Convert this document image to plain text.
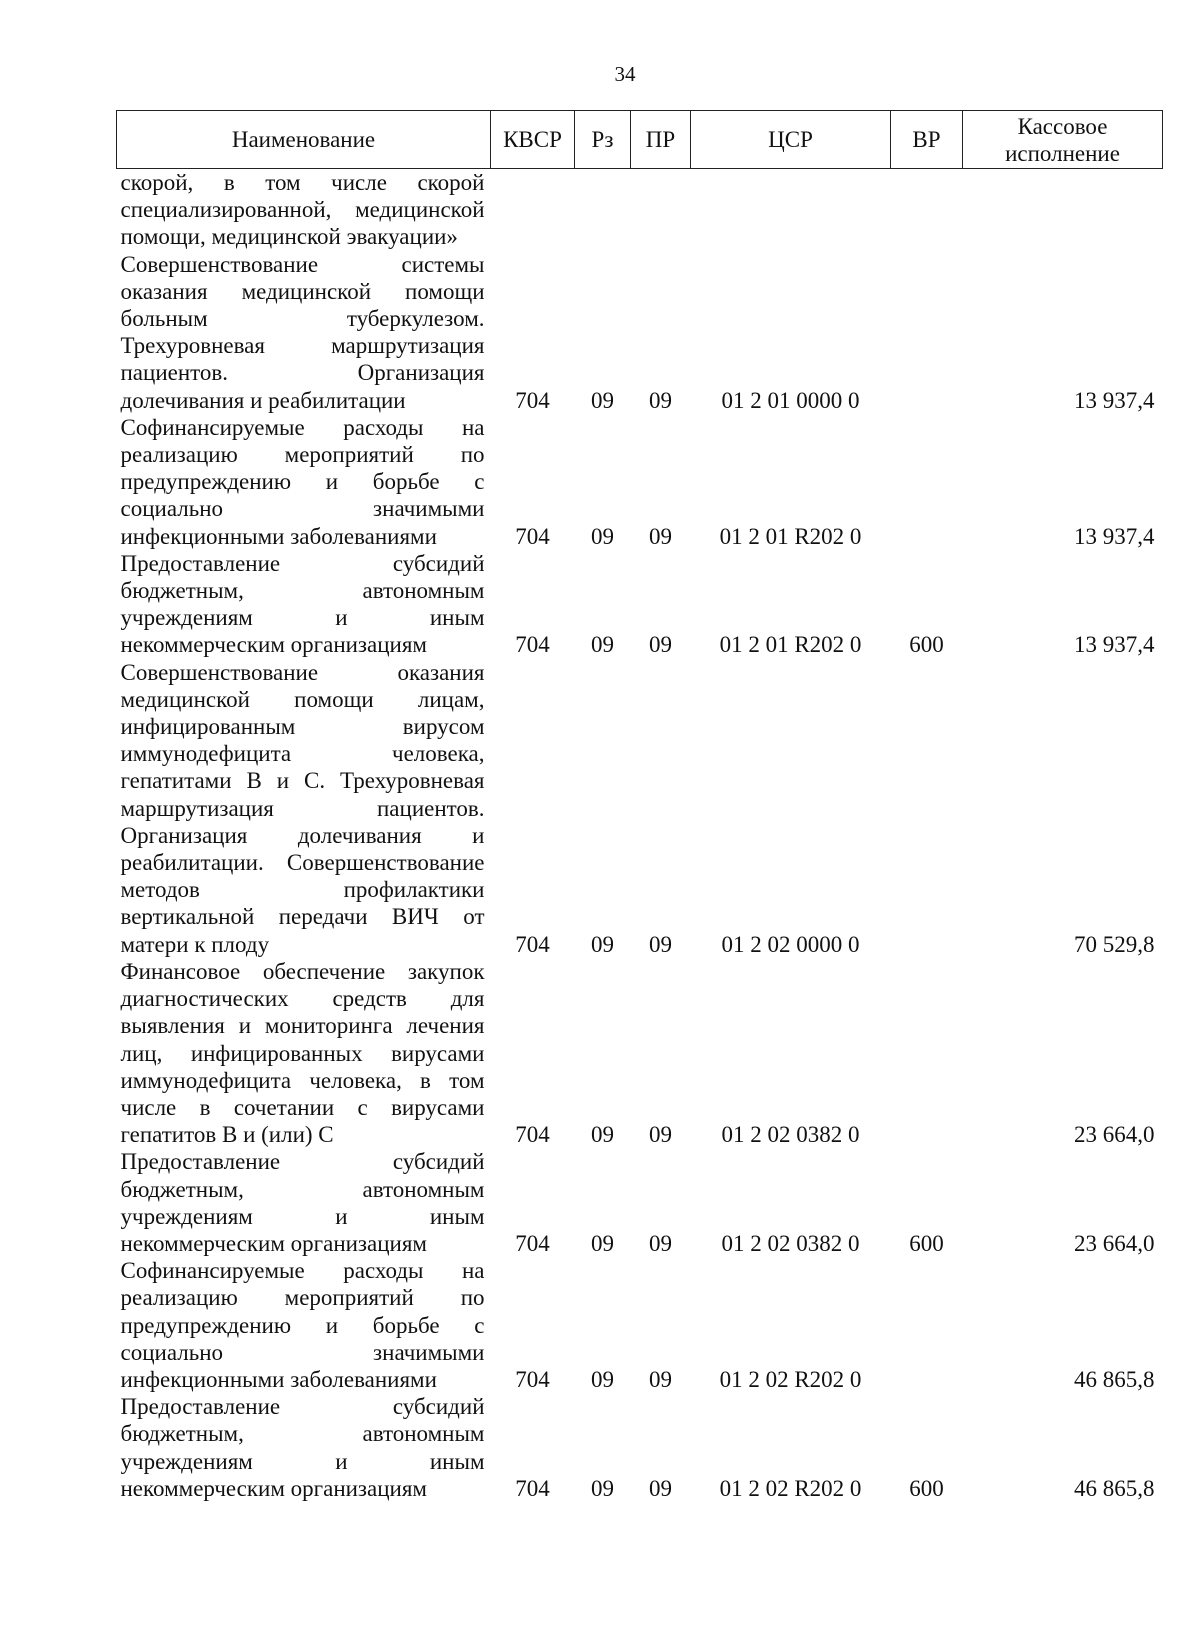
34
Наименование	КВСР	Рз	ПР	ЦСР	ВР	Кассовое исполнение
скорой, в том числе скорой специализированной, медицинской помощи, медицинской эвакуации»						
Совершенствование системы оказания медицинской помощи больным туберкулезом. Трехуровневая маршрутизация пациентов. Организация долечивания и реабилитации	704	09	09	01 2 01 0000 0		13 937,4
Софинансируемые расходы на реализацию мероприятий по предупреждению и борьбе с социально значимыми инфекционными заболеваниями	704	09	09	01 2 01 R202 0		13 937,4
Предоставление субсидий бюджетным, автономным учреждениям и иным некоммерческим организациям	704	09	09	01 2 01 R202 0	600	13 937,4
Совершенствование оказания медицинской помощи лицам, инфицированным вирусом иммунодефицита человека, гепатитами В и С. Трехуровневая маршрутизация пациентов. Организация долечивания и реабилитации. Совершенствование методов профилактики вертикальной передачи ВИЧ от матери к плоду	704	09	09	01 2 02 0000 0		70 529,8
Финансовое обеспечение закупок диагностических средств для выявления и мониторинга лечения лиц, инфицированных вирусами иммунодефицита человека, в том числе в сочетании с вирусами гепатитов В и (или) С	704	09	09	01 2 02 0382 0		23 664,0
Предоставление субсидий бюджетным, автономным учреждениям и иным некоммерческим организациям	704	09	09	01 2 02 0382 0	600	23 664,0
Софинансируемые расходы на реализацию мероприятий по предупреждению и борьбе с социально значимыми инфекционными заболеваниями	704	09	09	01 2 02 R202 0		46 865,8
Предоставление субсидий бюджетным, автономным учреждениям и иным некоммерческим организациям	704	09	09	01 2 02 R202 0	600	46 865,8
